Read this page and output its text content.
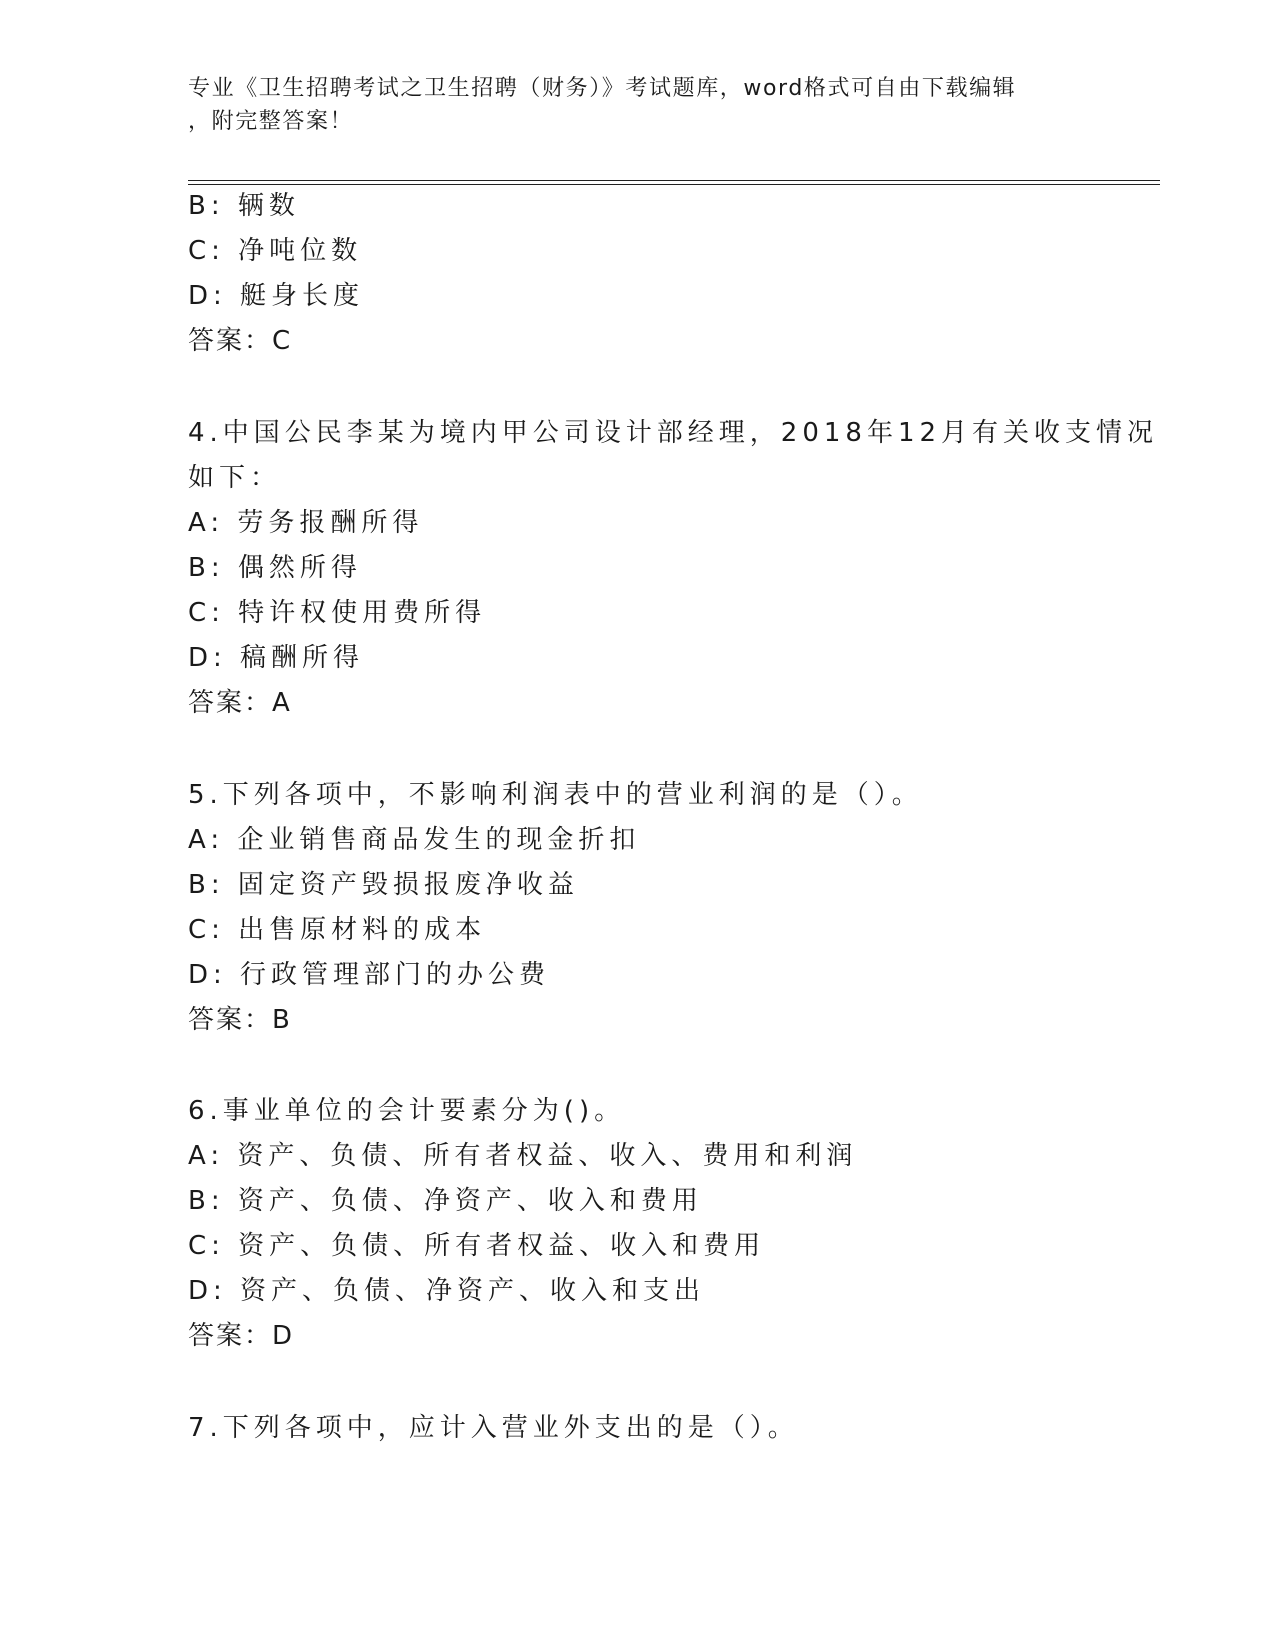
专业《卫生招聘考试之卫生招聘（财务）》考试题库，word格式可自由下载编辑
，附完整答案！
B: 辆数
C: 净吨位数
D: 艇身长度
答案：C
4.中国公民李某为境内甲公司设计部经理，2018年12月有关收支情况
如下：
A: 劳务报酬所得
B: 偶然所得
C: 特许权使用费所得
D: 稿酬所得
答案：A
5.下列各项中，不影响利润表中的营业利润的是（）。
A: 企业销售商品发生的现金折扣
B: 固定资产毁损报废净收益
C: 出售原材料的成本
D: 行政管理部门的办公费
答案：B
6.事业单位的会计要素分为()。
A: 资产、负债、所有者权益、收入、费用和利润
B: 资产、负债、净资产、收入和费用
C: 资产、负债、所有者权益、收入和费用
D: 资产、负债、净资产、收入和支出
答案：D
7.下列各项中，应计入营业外支出的是（）。
